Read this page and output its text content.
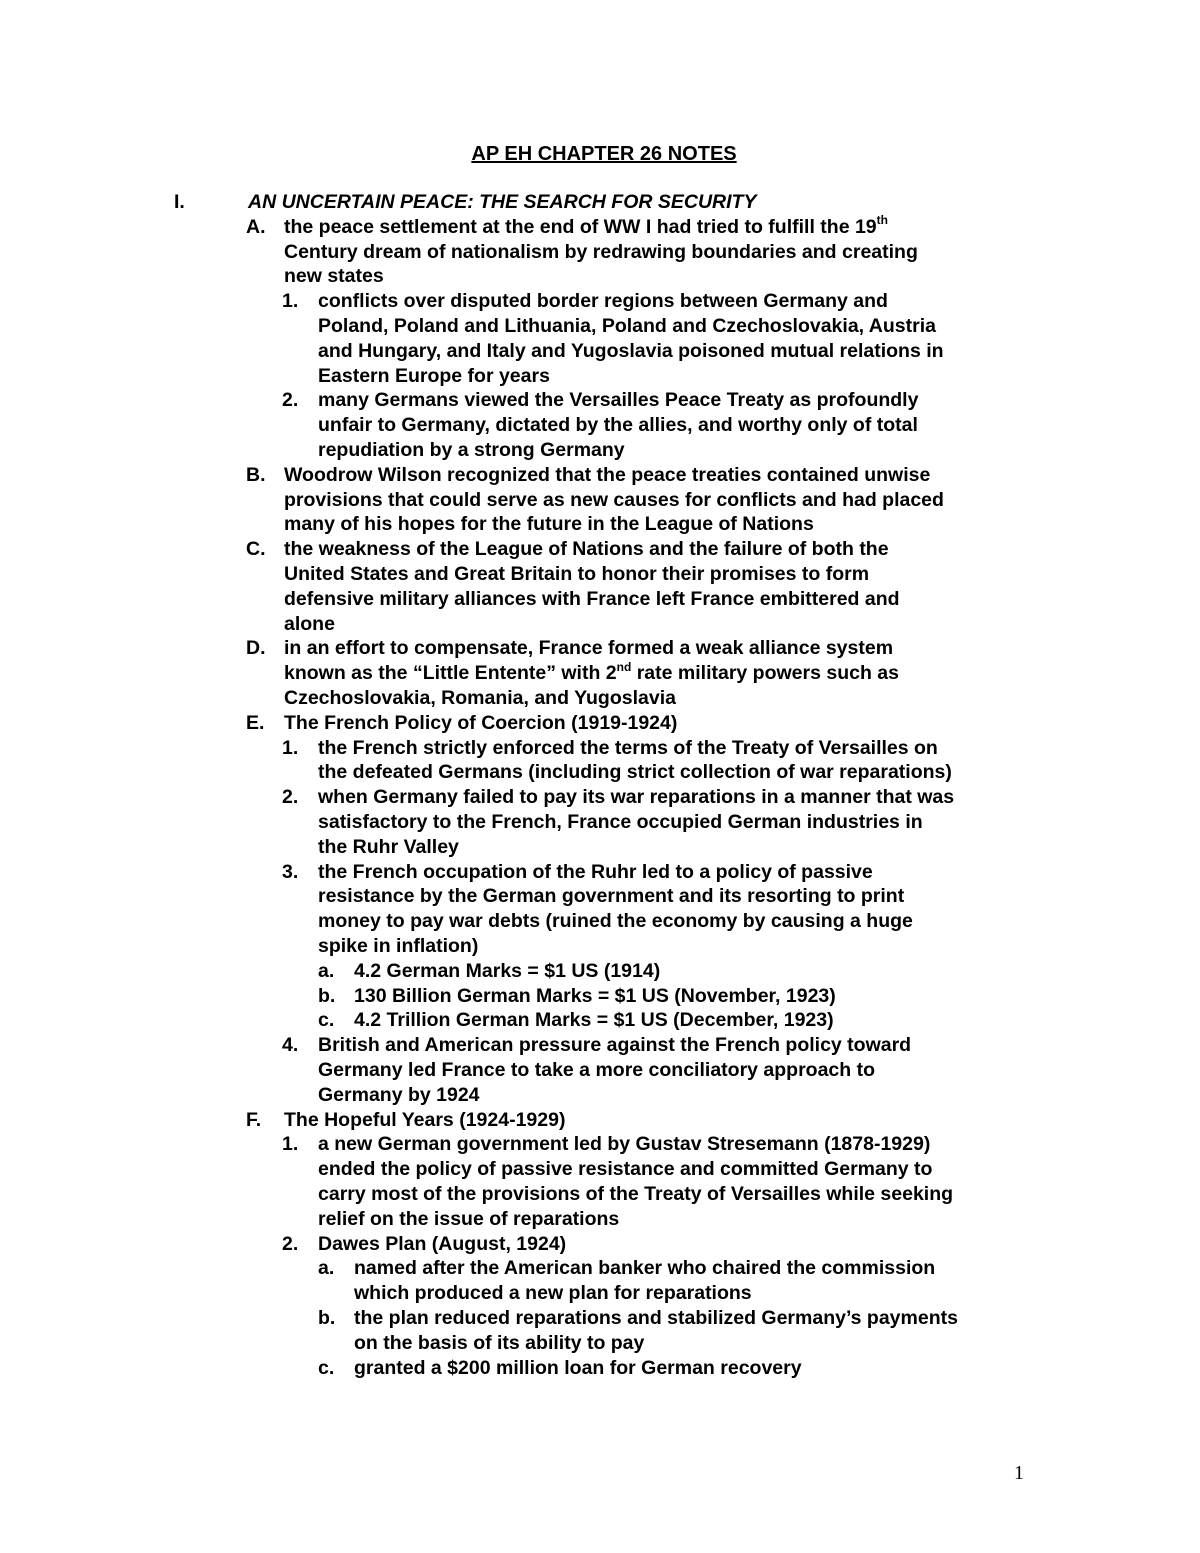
AP EH CHAPTER 26 NOTES
I.	AN UNCERTAIN PEACE: THE SEARCH FOR SECURITY
A. the peace settlement at the end of WW I had tried to fulfill the 19th
Century dream of nationalism by redrawing boundaries and creating
new states
1. conflicts over disputed border regions between Germany and
Poland, Poland and Lithuania, Poland and Czechoslovakia, Austria
and Hungary, and Italy and Yugoslavia poisoned mutual relations in
Eastern Europe for years
2. many Germans viewed the Versailles Peace Treaty as profoundly
unfair to Germany, dictated by the allies, and worthy only of total
repudiation by a strong Germany
B. Woodrow Wilson recognized that the peace treaties contained unwise
provisions that could serve as new causes for conflicts and had placed
many of his hopes for the future in the League of Nations
C. the weakness of the League of Nations and the failure of both the
United States and Great Britain to honor their promises to form
defensive military alliances with France left France embittered and
alone
D. in an effort to compensate, France formed a weak alliance system
known as the “Little Entente” with 2nd rate military powers such as
Czechoslovakia, Romania, and Yugoslavia
E. The French Policy of Coercion (1919-1924)
1. the French strictly enforced the terms of the Treaty of Versailles on
the defeated Germans (including strict collection of war reparations)
2. when Germany failed to pay its war reparations in a manner that was
satisfactory to the French, France occupied German industries in
the Ruhr Valley
3. the French occupation of the Ruhr led to a policy of passive
resistance by the German government and its resorting to print
money to pay war debts (ruined the economy by causing a huge
spike in inflation)
a. 4.2 German Marks = $1 US (1914)
b. 130 Billion German Marks = $1 US (November, 1923)
c. 4.2 Trillion German Marks = $1 US (December, 1923)
4. British and American pressure against the French policy toward
Germany led France to take a more conciliatory approach to
Germany by 1924
F. The Hopeful Years (1924-1929)
1. a new German government led by Gustav Stresemann (1878-1929)
ended the policy of passive resistance and committed Germany to
carry most of the provisions of the Treaty of Versailles while seeking
relief on the issue of reparations
2. Dawes Plan (August, 1924)
a. named after the American banker who chaired the commission
which produced a new plan for reparations
b. the plan reduced reparations and stabilized Germany’s payments
on the basis of its ability to pay
c. granted a $200 million loan for German recovery
1
